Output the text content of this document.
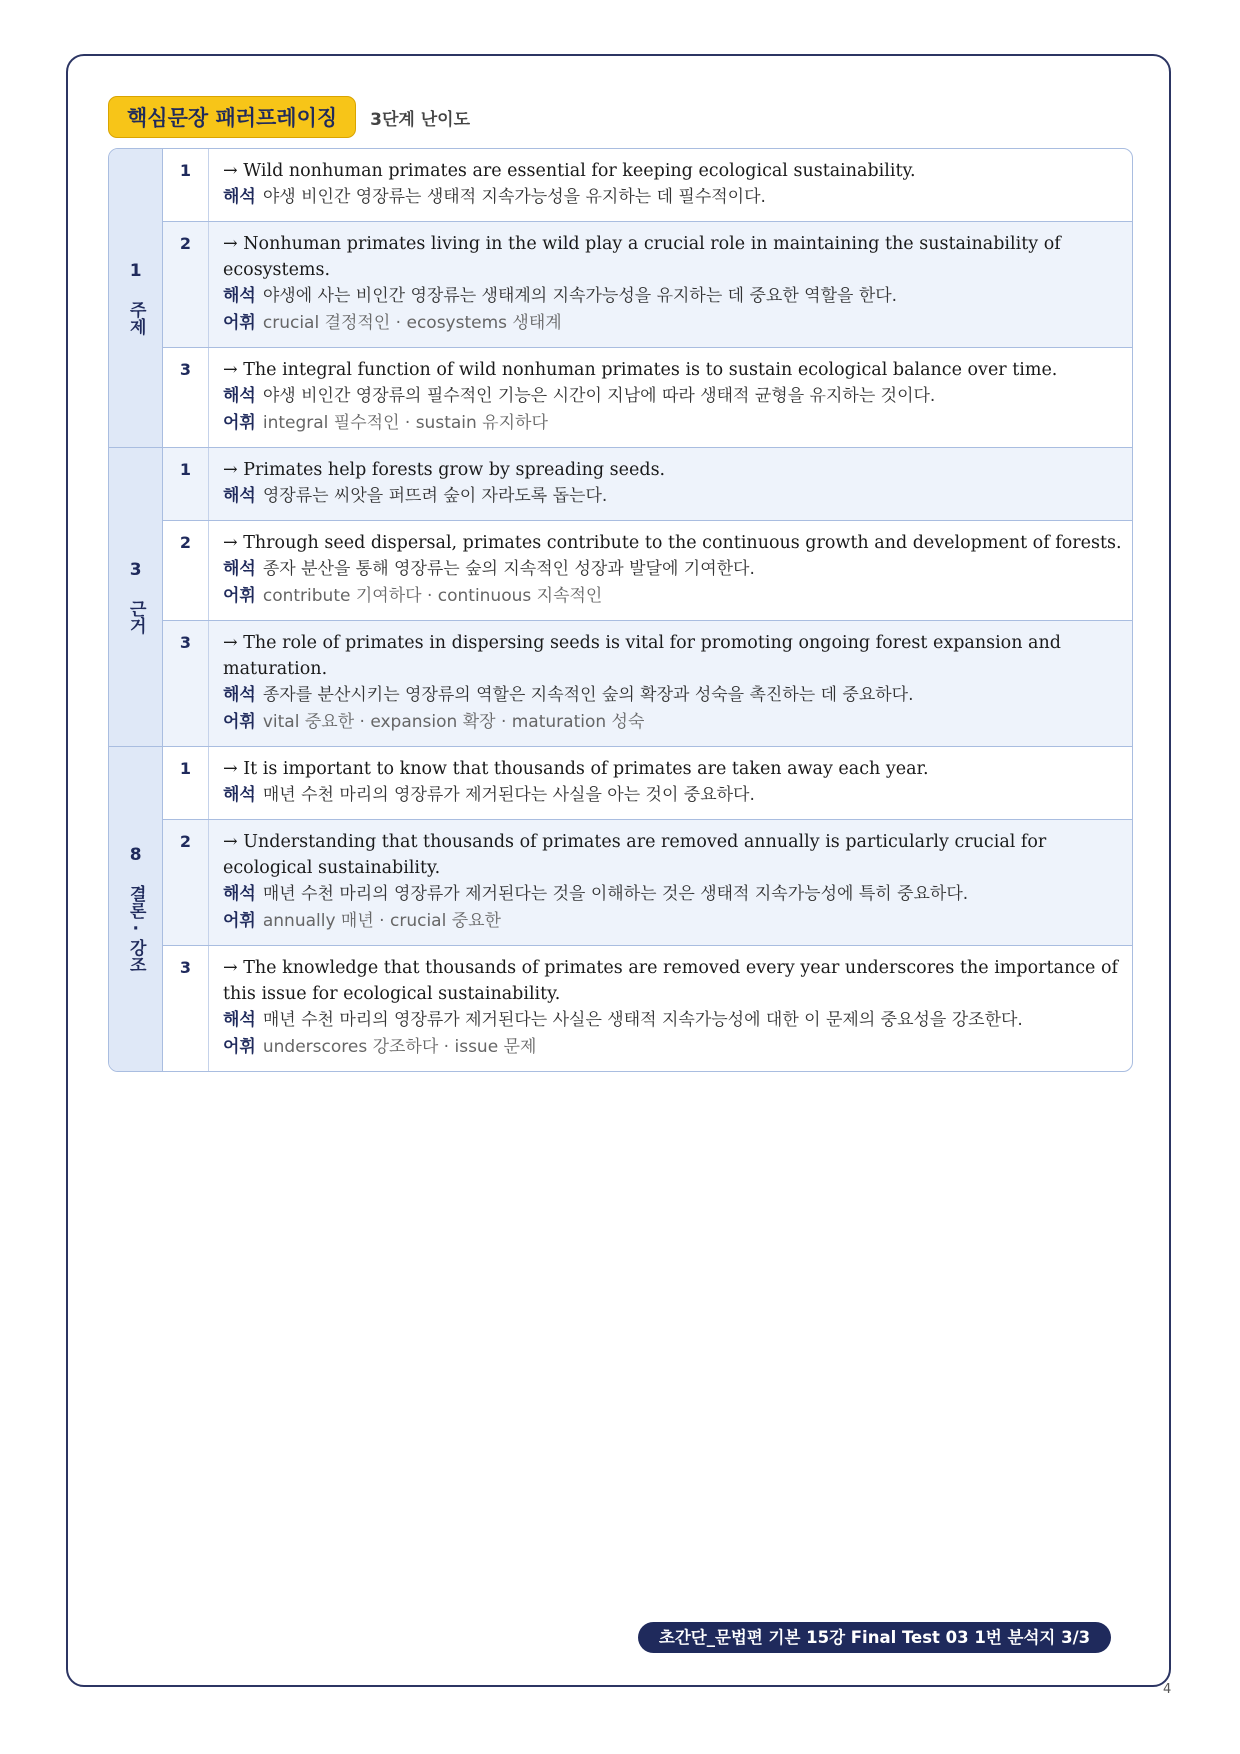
핵심문장 패러프레이징	3단계 난이도
1 주제
1	→ Wild nonhuman primates are essential for keeping ecological sustainability.
해석 야생 비인간 영장류는 생태적 지속가능성을 유지하는 데 필수적이다.
2	→ Nonhuman primates living in the wild play a crucial role in maintaining the sustainability of ecosystems.
해석 야생에 사는 비인간 영장류는 생태계의 지속가능성을 유지하는 데 중요한 역할을 한다.
어휘 crucial 결정적인 · ecosystems 생태계
3	→ The integral function of wild nonhuman primates is to sustain ecological balance over time.
해석 야생 비인간 영장류의 필수적인 기능은 시간이 지남에 따라 생태적 균형을 유지하는 것이다.
어휘 integral 필수적인 · sustain 유지하다
3 근거
1	→ Primates help forests grow by spreading seeds.
해석 영장류는 씨앗을 퍼뜨려 숲이 자라도록 돕는다.
2	→ Through seed dispersal, primates contribute to the continuous growth and development of forests.
해석 종자 분산을 통해 영장류는 숲의 지속적인 성장과 발달에 기여한다.
어휘 contribute 기여하다 · continuous 지속적인
3	→ The role of primates in dispersing seeds is vital for promoting ongoing forest expansion and maturation.
해석 종자를 분산시키는 영장류의 역할은 지속적인 숲의 확장과 성숙을 촉진하는 데 중요하다.
어휘 vital 중요한 · expansion 확장 · maturation 성숙
8 결론·강조
1	→ It is important to know that thousands of primates are taken away each year.
해석 매년 수천 마리의 영장류가 제거된다는 사실을 아는 것이 중요하다.
2	→ Understanding that thousands of primates are removed annually is particularly crucial for ecological sustainability.
해석 매년 수천 마리의 영장류가 제거된다는 것을 이해하는 것은 생태적 지속가능성에 특히 중요하다.
어휘 annually 매년 · crucial 중요한
3	→ The knowledge that thousands of primates are removed every year underscores the importance of this issue for ecological sustainability.
해석 매년 수천 마리의 영장류가 제거된다는 사실은 생태적 지속가능성에 대한 이 문제의 중요성을 강조한다.
어휘 underscores 강조하다 · issue 문제
초간단_문법편 기본 15강 Final Test 03 1번 분석지 3/3
4
